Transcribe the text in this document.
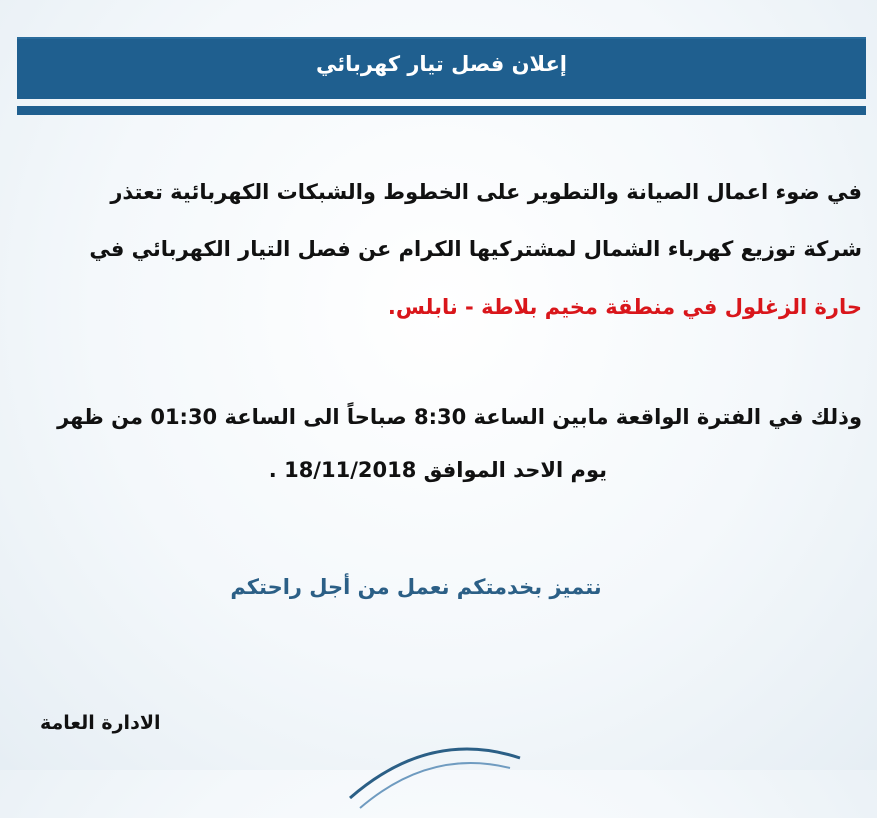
إعلان فصل تيار كهربائي
في ضوء اعمال الصيانة والتطوير على الخطوط والشبكات الكهربائية تعتذر
شركة توزيع كهرباء الشمال لمشتركيها الكرام عن فصل التيار الكهربائي في
حارة الزغلول في منطقة مخيم بلاطة - نابلس.
وذلك في الفترة الواقعة مابين الساعة 8:30 صباحاً الى الساعة 01:30 من ظهر
يوم الاحد الموافق 18/11/2018 .
نتميز بخدمتكم نعمل من أجل راحتكم
الادارة العامة
